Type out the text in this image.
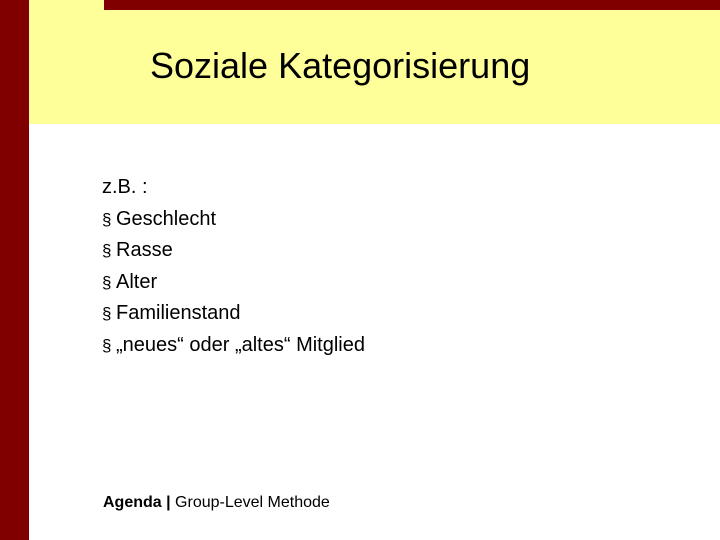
Soziale Kategorisierung

z.B. :

§ Geschlecht
§ Rasse
§ Alter
§ Familienstand
§ „neues“ oder „altes“ Mitglied
Agenda | Group-Level Methode
